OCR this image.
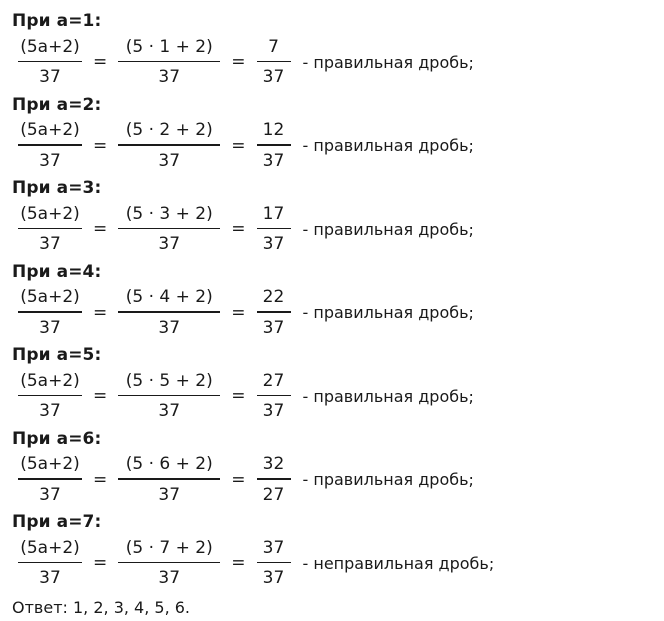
При a=1:
$\frac{(5a+2)}{37} = \frac{(5 \cdot 1 + 2)}{37} = \frac{7}{37}$ - правильная дробь;
При a=2:
$\frac{(5a+2)}{37} = \frac{(5 \cdot 2 + 2)}{37} = \frac{12}{37}$ - правильная дробь;
При a=3:
$\frac{(5a+2)}{37} = \frac{(5 \cdot 3 + 2)}{37} = \frac{17}{37}$ - правильная дробь;
При a=4:
$\frac{(5a+2)}{37} = \frac{(5 \cdot 4 + 2)}{37} = \frac{22}{37}$ - правильная дробь;
При a=5:
$\frac{(5a+2)}{37} = \frac{(5 \cdot 5 + 2)}{37} = \frac{27}{37}$ - правильная дробь;
При a=6:
$\frac{(5a+2)}{37} = \frac{(5 \cdot 6 + 2)}{37} = \frac{32}{27}$ - правильная дробь;
При a=7:
$\frac{(5a+2)}{37} = \frac{(5 \cdot 7 + 2)}{37} = \frac{37}{37}$ - неправильная дробь;
Ответ: 1, 2, 3, 4, 5, 6.
